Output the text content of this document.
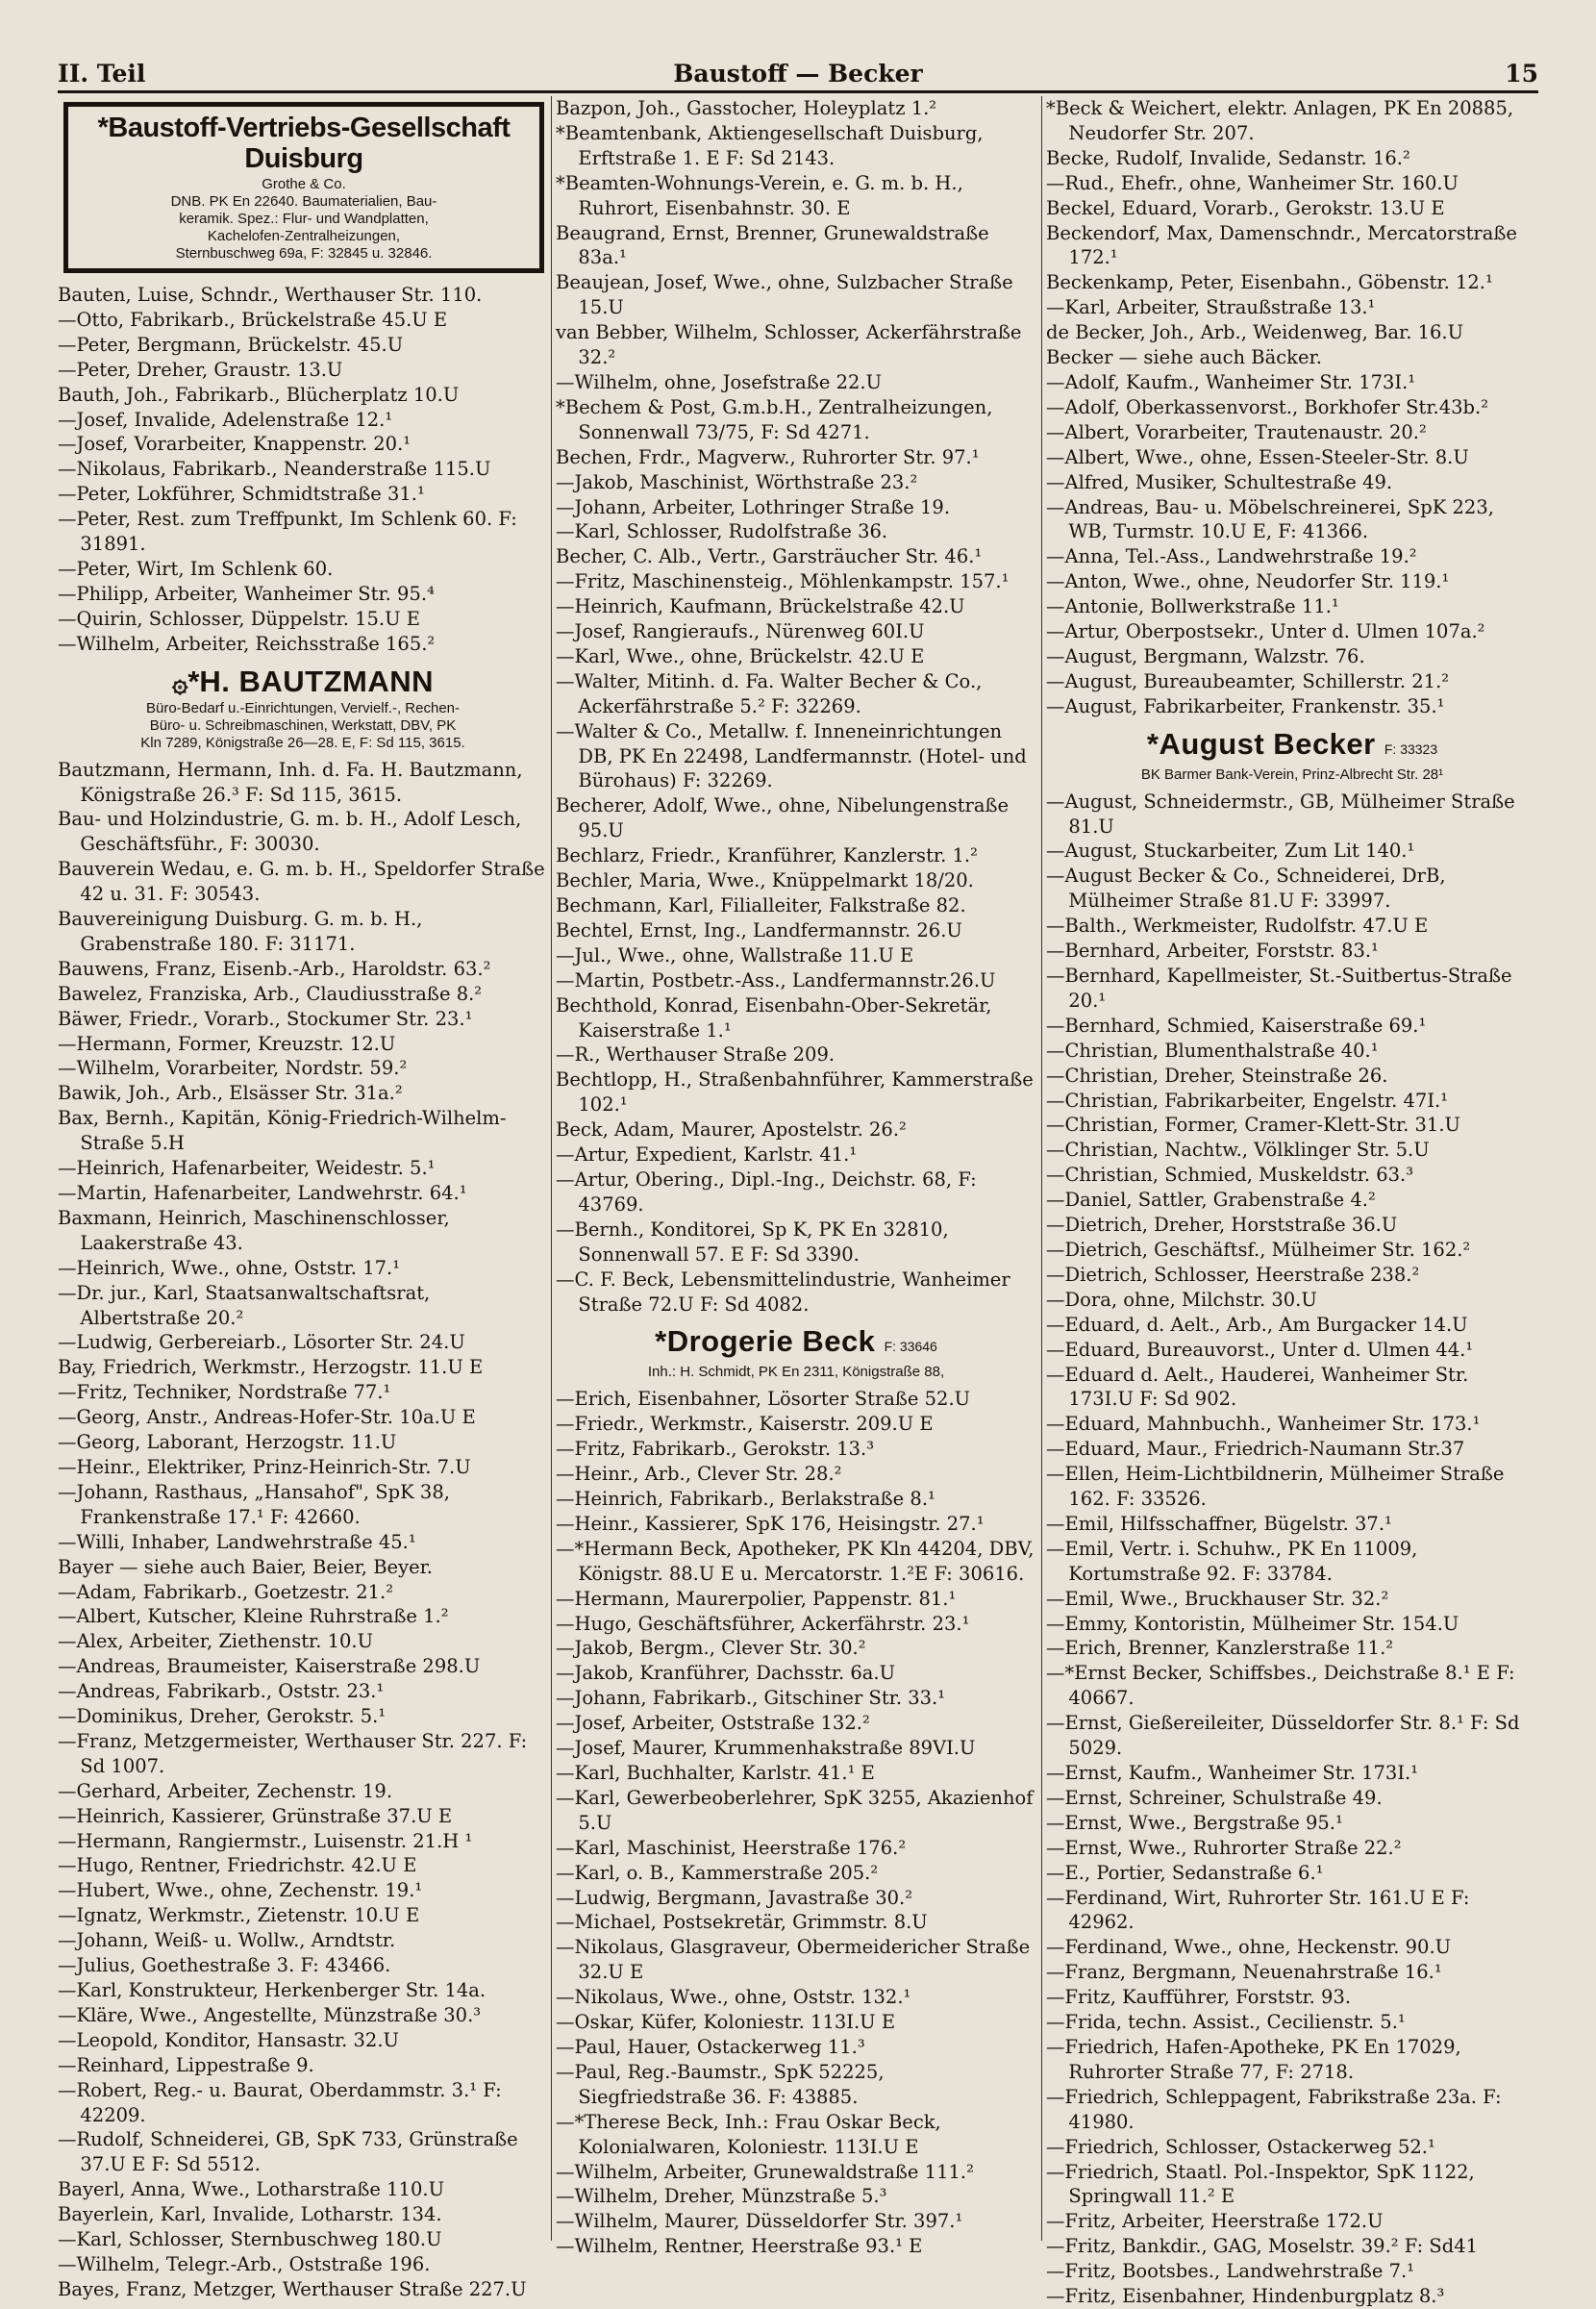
II. Teil	Baustoff — Becker	15
*Baustoff-Vertriebs-Gesellschaft Duisburg
Grothe & Co.
DNB. PK En 22640. Baumaterialien, Bau-
keramik. Spez.: Flur- und Wandplatten,
Kachelofen-Zentralheizungen,
Sternbuschweg 69a, F: 32845 u. 32846.
Bauten, Luise, Schndr., Werthauser Str. 110.
—Otto, Fabrikarb., Brückelstraße 45.U E
—Peter, Bergmann, Brückelstr. 45.U
—Peter, Dreher, Graustr. 13.U
Bauth, Joh., Fabrikarb., Blücherplatz 10.U
—Josef, Invalide, Adelenstraße 12.¹
—Josef, Vorarbeiter, Knappenstr. 20.¹
—Nikolaus, Fabrikarb., Neanderstraße 115.U
—Peter, Lokführer, Schmidtstraße 31.¹
—Peter, Rest. zum Treffpunkt, Im Schlenk 60. F: 31891.
—Peter, Wirt, Im Schlenk 60.
—Philipp, Arbeiter, Wanheimer Str. 95.⁴
—Quirin, Schlosser, Düppelstr. 15.U E
—Wilhelm, Arbeiter, Reichsstraße 165.²
۞*H. BAUTZMANN
Büro-Bedarf u.-Einrichtungen, Vervielf.-, Rechen-
Büro- u. Schreibmaschinen, Werkstatt, DBV, PK
Kln 7289, Königstraße 26—28. E, F: Sd 115, 3615.
Bautzmann, Hermann, Inh. d. Fa. H. Bautzmann, Königstraße 26.³ F: Sd 115, 3615.
Bau- und Holzindustrie, G. m. b. H., Adolf Lesch, Geschäftsführ., F: 30030.
Bauverein Wedau, e. G. m. b. H., Speldorfer Straße 42 u. 31. F: 30543.
Bauvereinigung Duisburg. G. m. b. H., Grabenstraße 180. F: 31171.
Bauwens, Franz, Eisenb.-Arb., Haroldstr. 63.²
Bawelez, Franziska, Arb., Claudiusstraße 8.²
Bäwer, Friedr., Vorarb., Stockumer Str. 23.¹
—Hermann, Former, Kreuzstr. 12.U
—Wilhelm, Vorarbeiter, Nordstr. 59.²
Bawik, Joh., Arb., Elsässer Str. 31a.²
Bax, Bernh., Kapitän, König-Friedrich-Wilhelm-Straße 5.H
—Heinrich, Hafenarbeiter, Weidestr. 5.¹
—Martin, Hafenarbeiter, Landwehrstr. 64.¹
Baxmann, Heinrich, Maschinenschlosser, Laakerstraße 43.
—Heinrich, Wwe., ohne, Oststr. 17.¹
—Dr. jur., Karl, Staatsanwaltschaftsrat, Albertstraße 20.²
—Ludwig, Gerbereiarb., Lösorter Str. 24.U
Bay, Friedrich, Werkmstr., Herzogstr. 11.U E
—Fritz, Techniker, Nordstraße 77.¹
—Georg, Anstr., Andreas-Hofer-Str. 10a.U E
—Georg, Laborant, Herzogstr. 11.U
—Heinr., Elektriker, Prinz-Heinrich-Str. 7.U
—Johann, Rasthaus, „Hansahof", SpK 38, Frankenstraße 17.¹ F: 42660.
—Willi, Inhaber, Landwehrstraße 45.¹
Bayer — siehe auch Baier, Beier, Beyer.
—Adam, Fabrikarb., Goetzestr. 21.²
—Albert, Kutscher, Kleine Ruhrstraße 1.²
—Alex, Arbeiter, Ziethenstr. 10.U
—Andreas, Braumeister, Kaiserstraße 298.U
—Andreas, Fabrikarb., Oststr. 23.¹
—Dominikus, Dreher, Gerokstr. 5.¹
—Franz, Metzgermeister, Werthauser Str. 227. F: Sd 1007.
—Gerhard, Arbeiter, Zechenstr. 19.
—Heinrich, Kassierer, Grünstraße 37.U E
—Hermann, Rangiermstr., Luisenstr. 21.H ¹
—Hugo, Rentner, Friedrichstr. 42.U E
—Hubert, Wwe., ohne, Zechenstr. 19.¹
—Ignatz, Werkmstr., Zietenstr. 10.U E
—Johann, Weiß- u. Wollw., Arndtstr.
—Julius, Goethestraße 3. F: 43466.
—Karl, Konstrukteur, Herkenberger Str. 14a.
—Kläre, Wwe., Angestellte, Münzstraße 30.³
—Leopold, Konditor, Hansastr. 32.U
—Reinhard, Lippestraße 9.
—Robert, Reg.- u. Baurat, Oberdammstr. 3.¹ F: 42209.
—Rudolf, Schneiderei, GB, SpK 733, Grünstraße 37.U E F: Sd 5512.
Bayerl, Anna, Wwe., Lotharstraße 110.U
Bayerlein, Karl, Invalide, Lotharstr. 134.
—Karl, Schlosser, Sternbuschweg 180.U
—Wilhelm, Telegr.-Arb., Oststraße 196.
Bayes, Franz, Metzger, Werthauser Straße 227.U
Bazpon, Joh., Gasstocher, Holeyplatz 1.²
*Beamtenbank, Aktiengesellschaft Duisburg, Erftstraße 1. E F: Sd 2143.
*Beamten-Wohnungs-Verein, e. G. m. b. H., Ruhrort, Eisenbahnstr. 30. E
Beaugrand, Ernst, Brenner, Grunewaldstraße 83a.¹
Beaujean, Josef, Wwe., ohne, Sulzbacher Straße 15.U
van Bebber, Wilhelm, Schlosser, Ackerfährstraße 32.²
—Wilhelm, ohne, Josefstraße 22.U
*Bechem & Post, G.m.b.H., Zentralheizungen, Sonnenwall 73/75, F: Sd 4271.
Bechen, Frdr., Magverw., Ruhrorter Str. 97.¹
—Jakob, Maschinist, Wörthstraße 23.²
—Johann, Arbeiter, Lothringer Straße 19.
—Karl, Schlosser, Rudolfstraße 36.
Becher, C. Alb., Vertr., Garsträucher Str. 46.¹
—Fritz, Maschinensteig., Möhlenkampstr. 157.¹
—Heinrich, Kaufmann, Brückelstraße 42.U
—Josef, Rangieraufs., Nürenweg 60I.U
—Karl, Wwe., ohne, Brückelstr. 42.U E
—Walter, Mitinh. d. Fa. Walter Becher & Co., Ackerfährstraße 5.² F: 32269.
—Walter & Co., Metallw. f. Inneneinrichtungen DB, PK En 22498, Landfermannstr. (Hotel- und Bürohaus) F: 32269.
Becherer, Adolf, Wwe., ohne, Nibelungenstraße 95.U
Bechlarz, Friedr., Kranführer, Kanzlerstr. 1.²
Bechler, Maria, Wwe., Knüppelmarkt 18/20.
Bechmann, Karl, Filialleiter, Falkstraße 82.
Bechtel, Ernst, Ing., Landfermannstr. 26.U
—Jul., Wwe., ohne, Wallstraße 11.U E
—Martin, Postbetr.-Ass., Landfermannstr.26.U
Bechthold, Konrad, Eisenbahn-Ober-Sekretär, Kaiserstraße 1.¹
—R., Werthauser Straße 209.
Bechtlopp, H., Straßenbahnführer, Kammerstraße 102.¹
Beck, Adam, Maurer, Apostelstr. 26.²
—Artur, Expedient, Karlstr. 41.¹
—Artur, Obering., Dipl.-Ing., Deichstr. 68, F: 43769.
—Bernh., Konditorei, Sp K, PK En 32810, Sonnenwall 57. E F: Sd 3390.
—C. F. Beck, Lebensmittelindustrie, Wanheimer Straße 72.U F: Sd 4082.
*Drogerie Beck F: 33646
Inh.: H. Schmidt, PK En 2311, Königstraße 88,
—Erich, Eisenbahner, Lösorter Straße 52.U
—Friedr., Werkmstr., Kaiserstr. 209.U E
—Fritz, Fabrikarb., Gerokstr. 13.³
—Heinr., Arb., Clever Str. 28.²
—Heinrich, Fabrikarb., Berlakstraße 8.¹
—Heinr., Kassierer, SpK 176, Heisingstr. 27.¹
—*Hermann Beck, Apotheker, PK Kln 44204, DBV, Königstr. 88.U E u. Mercatorstr. 1.²E F: 30616.
—Hermann, Maurerpolier, Pappenstr. 81.¹
—Hugo, Geschäftsführer, Ackerfährstr. 23.¹
—Jakob, Bergm., Clever Str. 30.²
—Jakob, Kranführer, Dachsstr. 6a.U
—Johann, Fabrikarb., Gitschiner Str. 33.¹
—Josef, Arbeiter, Oststraße 132.²
—Josef, Maurer, Krummenhakstraße 89VI.U
—Karl, Buchhalter, Karlstr. 41.¹ E
—Karl, Gewerbeoberlehrer, SpK 3255, Akazienhof 5.U
—Karl, Maschinist, Heerstraße 176.²
—Karl, o. B., Kammerstraße 205.²
—Ludwig, Bergmann, Javastraße 30.²
—Michael, Postsekretär, Grimmstr. 8.U
—Nikolaus, Glasgraveur, Obermeidericher Straße 32.U E
—Nikolaus, Wwe., ohne, Oststr. 132.¹
—Oskar, Küfer, Koloniestr. 113I.U E
—Paul, Hauer, Ostackerweg 11.³
—Paul, Reg.-Baumstr., SpK 52225, Siegfriedstraße 36. F: 43885.
—*Therese Beck, Inh.: Frau Oskar Beck, Kolonialwaren, Koloniestr. 113I.U E
—Wilhelm, Arbeiter, Grunewaldstraße 111.²
—Wilhelm, Dreher, Münzstraße 5.³
—Wilhelm, Maurer, Düsseldorfer Str. 397.¹
—Wilhelm, Rentner, Heerstraße 93.¹ E
*Beck & Weichert, elektr. Anlagen, PK En 20885, Neudorfer Str. 207.
Becke, Rudolf, Invalide, Sedanstr. 16.²
—Rud., Ehefr., ohne, Wanheimer Str. 160.U
Beckel, Eduard, Vorarb., Gerokstr. 13.U E
Beckendorf, Max, Damenschndr., Mercatorstraße 172.¹
Beckenkamp, Peter, Eisenbahn., Göbenstr. 12.¹
—Karl, Arbeiter, Straußstraße 13.¹
de Becker, Joh., Arb., Weidenweg, Bar. 16.U
Becker — siehe auch Bäcker.
—Adolf, Kaufm., Wanheimer Str. 173I.¹
—Adolf, Oberkassenvorst., Borkhofer Str.43b.²
—Albert, Vorarbeiter, Trautenaustr. 20.²
—Albert, Wwe., ohne, Essen-Steeler-Str. 8.U
—Alfred, Musiker, Schultestraße 49.
—Andreas, Bau- u. Möbelschreinerei, SpK 223, WB, Turmstr. 10.U E, F: 41366.
—Anna, Tel.-Ass., Landwehrstraße 19.²
—Anton, Wwe., ohne, Neudorfer Str. 119.¹
—Antonie, Bollwerkstraße 11.¹
—Artur, Oberpostsekr., Unter d. Ulmen 107a.²
—August, Bergmann, Walzstr. 76.
—August, Bureaubeamter, Schillerstr. 21.²
—August, Fabrikarbeiter, Frankenstr. 35.¹
*August Becker F: 33323
BK Barmer Bank-Verein, Prinz-Albrecht Str. 28¹
—August, Schneidermstr., GB, Mülheimer Straße 81.U
—August, Stuckarbeiter, Zum Lit 140.¹
—August Becker & Co., Schneiderei, DrB, Mülheimer Straße 81.U F: 33997.
—Balth., Werkmeister, Rudolfstr. 47.U E
—Bernhard, Arbeiter, Forststr. 83.¹
—Bernhard, Kapellmeister, St.-Suitbertus-Straße 20.¹
—Bernhard, Schmied, Kaiserstraße 69.¹
—Christian, Blumenthalstraße 40.¹
—Christian, Dreher, Steinstraße 26.
—Christian, Fabrikarbeiter, Engelstr. 47I.¹
—Christian, Former, Cramer-Klett-Str. 31.U
—Christian, Nachtw., Völklinger Str. 5.U
—Christian, Schmied, Muskeldstr. 63.³
—Daniel, Sattler, Grabenstraße 4.²
—Dietrich, Dreher, Horststraße 36.U
—Dietrich, Geschäftsf., Mülheimer Str. 162.²
—Dietrich, Schlosser, Heerstraße 238.²
—Dora, ohne, Milchstr. 30.U
—Eduard, d. Aelt., Arb., Am Burgacker 14.U
—Eduard, Bureauvorst., Unter d. Ulmen 44.¹
—Eduard d. Aelt., Hauderei, Wanheimer Str. 173I.U F: Sd 902.
—Eduard, Mahnbuchh., Wanheimer Str. 173.¹
—Eduard, Maur., Friedrich-Naumann Str.37
—Ellen, Heim-Lichtbildnerin, Mülheimer Straße 162. F: 33526.
—Emil, Hilfsschaffner, Bügelstr. 37.¹
—Emil, Vertr. i. Schuhw., PK En 11009, Kortumstraße 92. F: 33784.
—Emil, Wwe., Bruckhauser Str. 32.²
—Emmy, Kontoristin, Mülheimer Str. 154.U
—Erich, Brenner, Kanzlerstraße 11.²
—*Ernst Becker, Schiffsbes., Deichstraße 8.¹ E F: 40667.
—Ernst, Gießereileiter, Düsseldorfer Str. 8.¹ F: Sd 5029.
—Ernst, Kaufm., Wanheimer Str. 173I.¹
—Ernst, Schreiner, Schulstraße 49.
—Ernst, Wwe., Bergstraße 95.¹
—Ernst, Wwe., Ruhrorter Straße 22.²
—E., Portier, Sedanstraße 6.¹
—Ferdinand, Wirt, Ruhrorter Str. 161.U E F: 42962.
—Ferdinand, Wwe., ohne, Heckenstr. 90.U
—Franz, Bergmann, Neuenahrstraße 16.¹
—Fritz, Kaufführer, Forststr. 93.
—Frida, techn. Assist., Cecilienstr. 5.¹
—Friedrich, Hafen-Apotheke, PK En 17029, Ruhrorter Straße 77, F: 2718.
—Friedrich, Schleppagent, Fabrikstraße 23a. F: 41980.
—Friedrich, Schlosser, Ostackerweg 52.¹
—Friedrich, Staatl. Pol.-Inspektor, SpK 1122, Springwall 11.² E
—Fritz, Arbeiter, Heerstraße 172.U
—Fritz, Bankdir., GAG, Moselstr. 39.² F: Sd41
—Fritz, Bootsbes., Landwehrstraße 7.¹
—Fritz, Eisenbahner, Hindenburgplatz 8.³
